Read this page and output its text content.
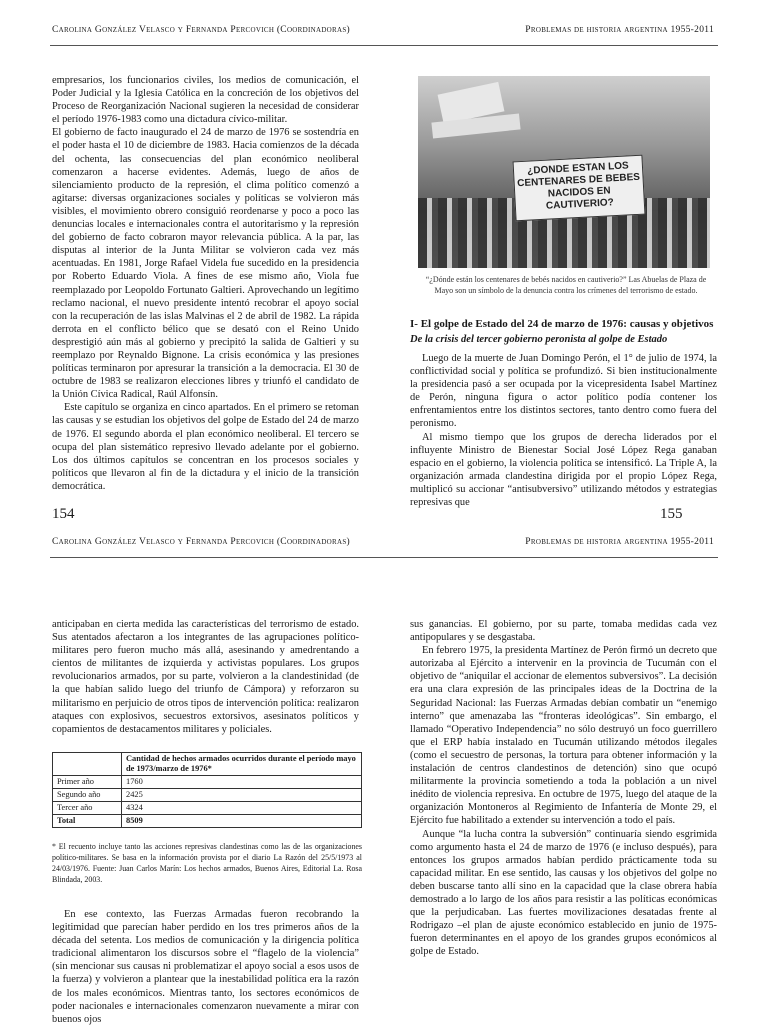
Carolina González Velasco y Fernanda Percovich (Coordinadoras)	Problemas de historia argentina 1955-2011

empresarios, los funcionarios civiles, los medios de comunicación, el Poder Judicial y la Iglesia Católica en la concreción de los objetivos del Proceso de Reorganización Nacional sugieren la necesidad de considerar el período 1976-1983 como una dictadura cívico-militar.

El gobierno de facto inaugurado el 24 de marzo de 1976 se sostendría en el poder hasta el 10 de diciembre de 1983. Hacia comienzos de la década del ochenta, las consecuencias del plan económico neoliberal comenzaron a hacerse evidentes. Además, luego de años de silenciamiento producto de la represión, el clima político comenzó a agitarse: diversas organizaciones sociales y políticas se volvieron más visibles, el movimiento obrero consiguió reordenarse y poco a poco las denuncias locales e internacionales contra el autoritarismo y la represión del gobierno de facto cobraron mayor relevancia pública. A la par, las disputas al interior de la Junta Militar se volvieron cada vez más acentuadas. En 1981, Jorge Rafael Videla fue sucedido en la presidencia por Roberto Eduardo Viola. A fines de ese mismo año, Viola fue reemplazado por Leopoldo Fortunato Galtieri. Aprovechando un legítimo reclamo nacional, el nuevo presidente intentó recobrar el apoyo social con la recuperación de las islas Malvinas el 2 de abril de 1982. La rápida derrota en el conflicto bélico que se desató con el Reino Unido desprestigió aún más al gobierno y precipitó la salida de Galtieri y su reemplazo por Reynaldo Bignone. La crisis económica y las presiones políticas terminaron por apresurar la transición a la democracia. El 30 de octubre de 1983 se realizaron elecciones libres y triunfó el candidato de la Unión Cívica Radical, Raúl Alfonsín.

Este capítulo se organiza en cinco apartados. En el primero se retoman las causas y se estudian los objetivos del golpe de Estado del 24 de marzo de 1976. El segundo aborda el plan económico neoliberal. El tercero se ocupa del plan sistemático represivo llevado adelante por el gobierno. Los dos últimos capítulos se concentran en los procesos sociales y políticos que llevaron al fin de la dictadura y el inicio de la transición democrática.

154
¿DONDE ESTAN LOS CENTENARES DE BEBES NACIDOS EN CAUTIVERIO?
“¿Dónde están los centenares de bebés nacidos en cautiverio?” Las Abuelas de Plaza de Mayo son un símbolo de la denuncia contra los crímenes del terrorismo de estado.
I- El golpe de Estado del 24 de marzo de 1976: causas y objetivos
De la crisis del tercer gobierno peronista al golpe de Estado

Luego de la muerte de Juan Domingo Perón, el 1° de julio de 1974, la conflictividad social y política se profundizó. Si bien institucionalmente la presidencia pasó a ser ocupada por la vicepresidenta Isabel Martínez de Perón, ninguna figura o actor político podía contener los enfrentamientos entre los distintos sectores, tanto dentro como fuera del peronismo.

Al mismo tiempo que los grupos de derecha liderados por el influyente Ministro de Bienestar Social José López Rega ganaban espacio en el gobierno, la violencia política se intensificó. La Triple A, la organización armada clandestina dirigida por el propio López Rega, multiplicó su accionar “antisubversivo” utilizando métodos y estrategias represivas que

155
Carolina González Velasco y Fernanda Percovich (Coordinadoras)	Problemas de historia argentina 1955-2011

anticipaban en cierta medida las características del terrorismo de estado. Sus atentados afectaron a los integrantes de las agrupaciones político-militares pero fueron mucho más allá, asesinando y amedrentando a cientos de militantes de izquierda y activistas populares. Los grupos revolucionarios armados, por su parte, volvieron a la clandestinidad (de la que habían salido luego del triunfo de Cámpora) y reforzaron su militarismo en perjuicio de otros tipos de intervención política: realizaron ataques con explosivos, secuestros extorsivos, asesinatos políticos y copamientos de destacamentos militares y policiales.

sus ganancias. El gobierno, por su parte, tomaba medidas cada vez antipopulares y se desgastaba.

En febrero 1975, la presidenta Martínez de Perón firmó un decreto que autorizaba al Ejército a intervenir en la provincia de Tucumán con el objetivo de “aniquilar el accionar de elementos subversivos”. La decisión era una clara expresión de las principales ideas de la Doctrina de la Seguridad Nacional: las Fuerzas Armadas debían combatir un “enemigo interno” que amenazaba las “fronteras ideológicas”. Sin embargo, el llamado “Operativo Independencia” no sólo destruyó un foco guerrillero que el ERP había instalado en Tucumán utilizando métodos ilegales (como el secuestro de personas, la tortura para obtener información y la instalación de centros clandestinos de detención) sino que ocupó militarmente la provincia sometiendo a toda la población a un nivel inédito de violencia represiva. En octubre de 1975, luego del ataque de la organización Montoneros al Regimiento de Infantería de Monte 29, el Ejército fue habilitado a extender su intervención a todo el país.

Aunque “la lucha contra la subversión” continuaría siendo esgrimida como argumento hasta el 24 de marzo de 1976 (e incluso después), para entonces los grupos armados habían perdido prácticamente toda su capacidad militar. En ese sentido, las causas y los objetivos del golpe no deben buscarse tanto allí sino en la capacidad que la clase obrera había demostrado a lo largo de los años para resistir a las políticas económicas que la perjudicaban. Las fuertes movilizaciones desatadas frente al Rodrigazo –el plan de ajuste económico establecido en junio de 1975- fueron determinantes en el apoyo de los grandes grupos económicos al golpe de Estado.

En ese contexto, las Fuerzas Armadas fueron recobrando la legitimidad que parecían haber perdido en los tres primeros años de la década del setenta. Los medios de comunicación y la dirigencia política tradicional alimentaron los discursos sobre el “flagelo de la violencia” (sin mencionar sus causas ni problematizar el apoyo social a esos usos de la fuerza) y volvieron a plantear que la inestabilidad política era la razón de los males económicos. Mientras tanto, los sectores económicos de poder nacionales e internacionales comenzaron nuevamente a mirar con buenos ojos

	Cantidad de hechos armados ocurridos durante el período mayo de 1973/marzo de 1976*
Primer año	1760
Segundo año	2425
Tercer año	4324
Total	8509
* El recuento incluye tanto las acciones represivas clandestinas como las de las organizaciones político-militares. Se basa en la información provista por el diario La Razón del 25/5/1973 al 24/03/1976. Fuente: Juan Carlos Marín: Los hechos armados, Buenos Aires, Editorial La. Rosa Blindada, 2003.
